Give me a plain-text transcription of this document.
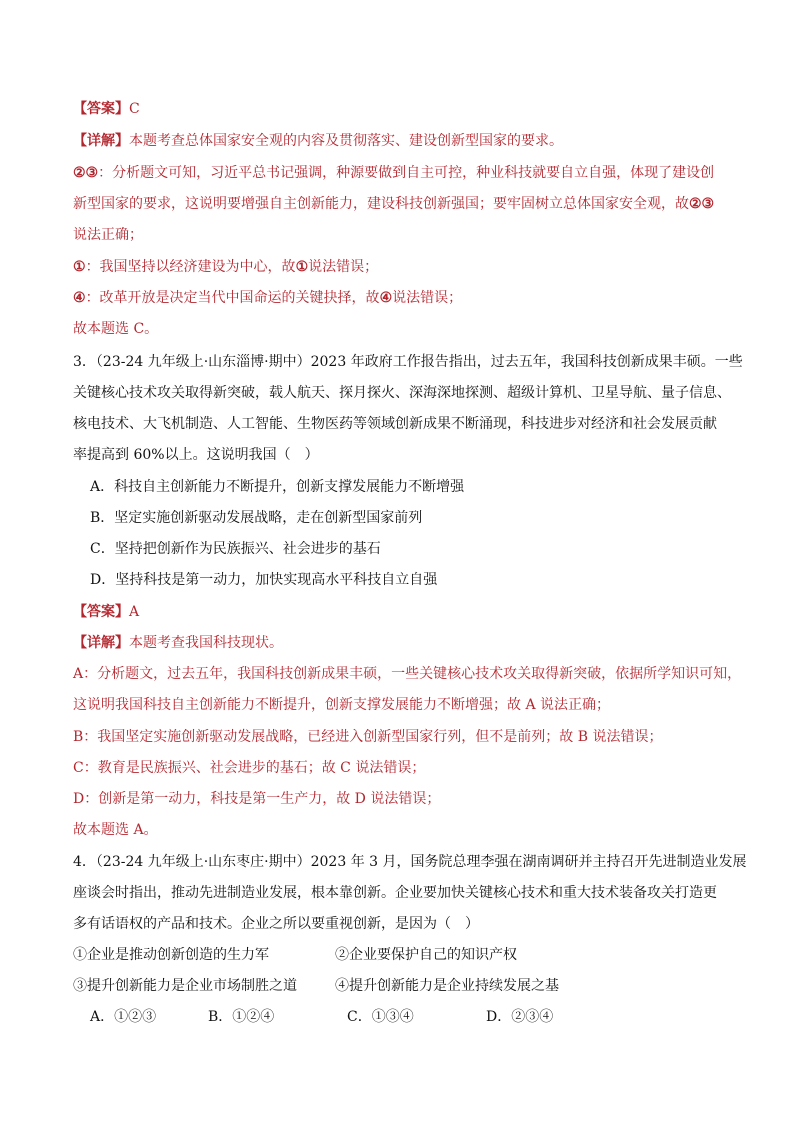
【答案】C
【详解】本题考查总体国家安全观的内容及贯彻落实、建设创新型国家的要求。
②③：分析题文可知，习近平总书记强调，种源要做到自主可控，种业科技就要自立自强，体现了建设创
新型国家的要求，这说明要增强自主创新能力，建设科技创新强国；要牢固树立总体国家安全观，故②③
说法正确；
①：我国坚持以经济建设为中心，故①说法错误；
④：改革开放是决定当代中国命运的关键抉择，故④说法错误；
故本题选 C。
3．（23-24 九年级上·山东淄博·期中）2023 年政府工作报告指出，过去五年，我国科技创新成果丰硕。一些
关键核心技术攻关取得新突破，载人航天、探月探火、深海深地探测、超级计算机、卫星导航、量子信息、
核电技术、大飞机制造、人工智能、生物医药等领域创新成果不断涌现，科技进步对经济和社会发展贡献
率提高到 60%以上。这说明我国（　）
A．科技自主创新能力不断提升，创新支撑发展能力不断增强
B．坚定实施创新驱动发展战略，走在创新型国家前列
C．坚持把创新作为民族振兴、社会进步的基石
D．坚持科技是第一动力，加快实现高水平科技自立自强
【答案】A
【详解】本题考查我国科技现状。
A：分析题文，过去五年，我国科技创新成果丰硕，一些关键核心技术攻关取得新突破，依据所学知识可知，
这说明我国科技自主创新能力不断提升，创新支撑发展能力不断增强；故 A 说法正确；
B：我国坚定实施创新驱动发展战略，已经进入创新型国家行列，但不是前列；故 B 说法错误；
C：教育是民族振兴、社会进步的基石；故 C 说法错误；
D：创新是第一动力，科技是第一生产力，故 D 说法错误；
故本题选 A。
4．（23-24 九年级上·山东枣庄·期中）2023 年 3 月，国务院总理李强在湖南调研并主持召开先进制造业发展
座谈会时指出，推动先进制造业发展，根本靠创新。企业要加快关键核心技术和重大技术装备攻关打造更
多有话语权的产品和技术。企业之所以要重视创新，是因为（　）
①企业是推动创新创造的生力军	②企业要保护自己的知识产权
③提升创新能力是企业市场制胜之道	④提升创新能力是企业持续发展之基
A．①②③	B．①②④	C．①③④	D．②③④
